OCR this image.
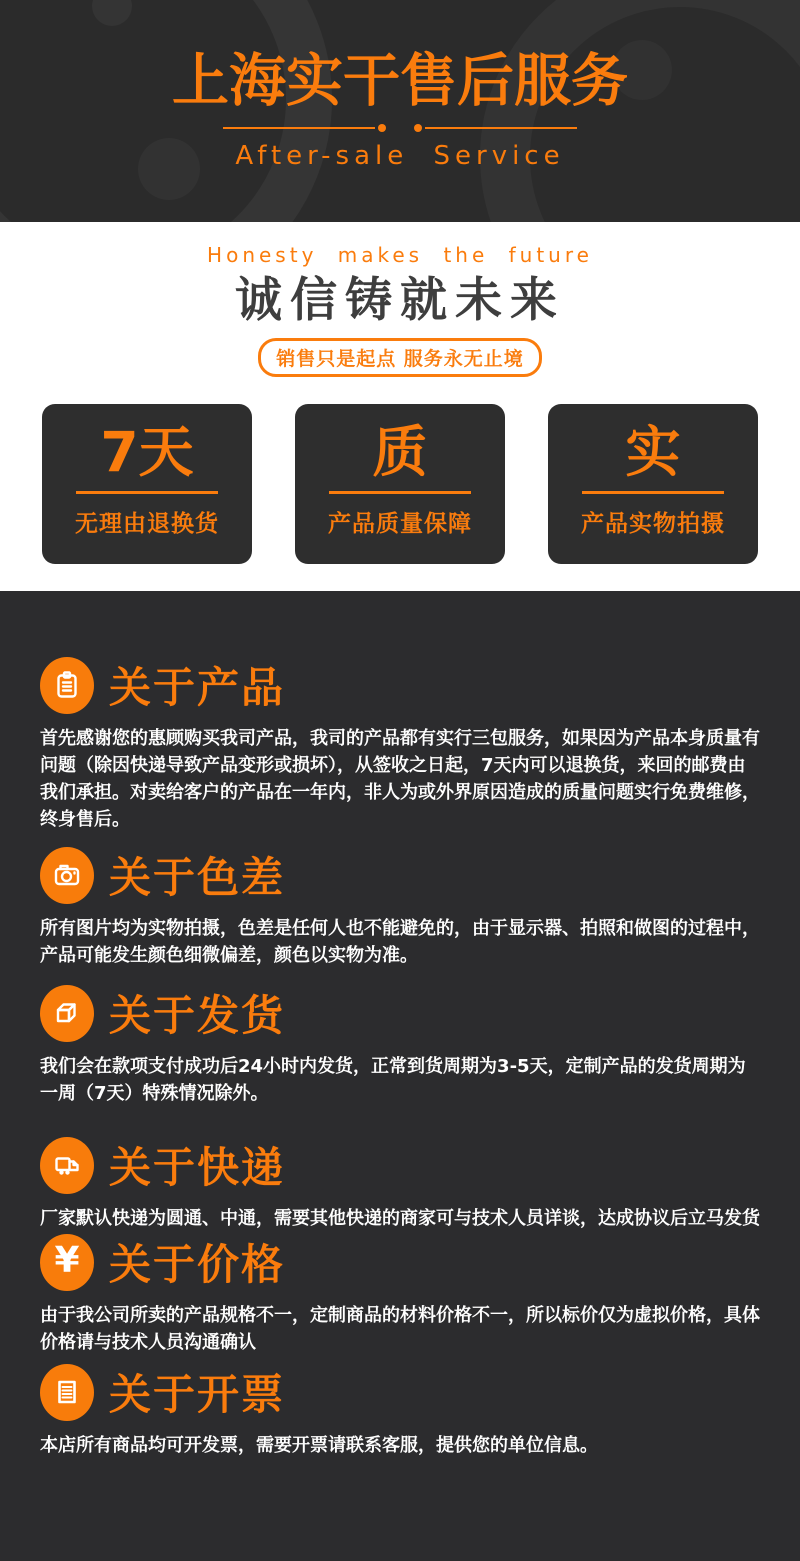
上海实干售后服务
After-sale Service
Honesty makes the future
诚信铸就未来
销售只是起点 服务永无止境
7天
无理由退换货
质
产品质量保障
实
产品实物拍摄
关于产品
首先感谢您的惠顾购买我司产品，我司的产品都有实行三包服务，如果因为产品本身质量有问题（除因快递导致产品变形或损坏），从签收之日起，7天内可以退换货，来回的邮费由我们承担。对卖给客户的产品在一年内，非人为或外界原因造成的质量问题实行免费维修，终身售后。
关于色差
所有图片均为实物拍摄，色差是任何人也不能避免的，由于显示器、拍照和做图的过程中，产品可能发生颜色细微偏差，颜色以实物为准。
关于发货
我们会在款项支付成功后24小时内发货，正常到货周期为3-5天，定制产品的发货周期为一周（7天）特殊情况除外。
关于快递
厂家默认快递为圆通、中通，需要其他快递的商家可与技术人员详谈，达成协议后立马发货
¥ 关于价格
由于我公司所卖的产品规格不一，定制商品的材料价格不一，所以标价仅为虚拟价格，具体价格请与技术人员沟通确认
关于开票
本店所有商品均可开发票，需要开票请联系客服，提供您的单位信息。
